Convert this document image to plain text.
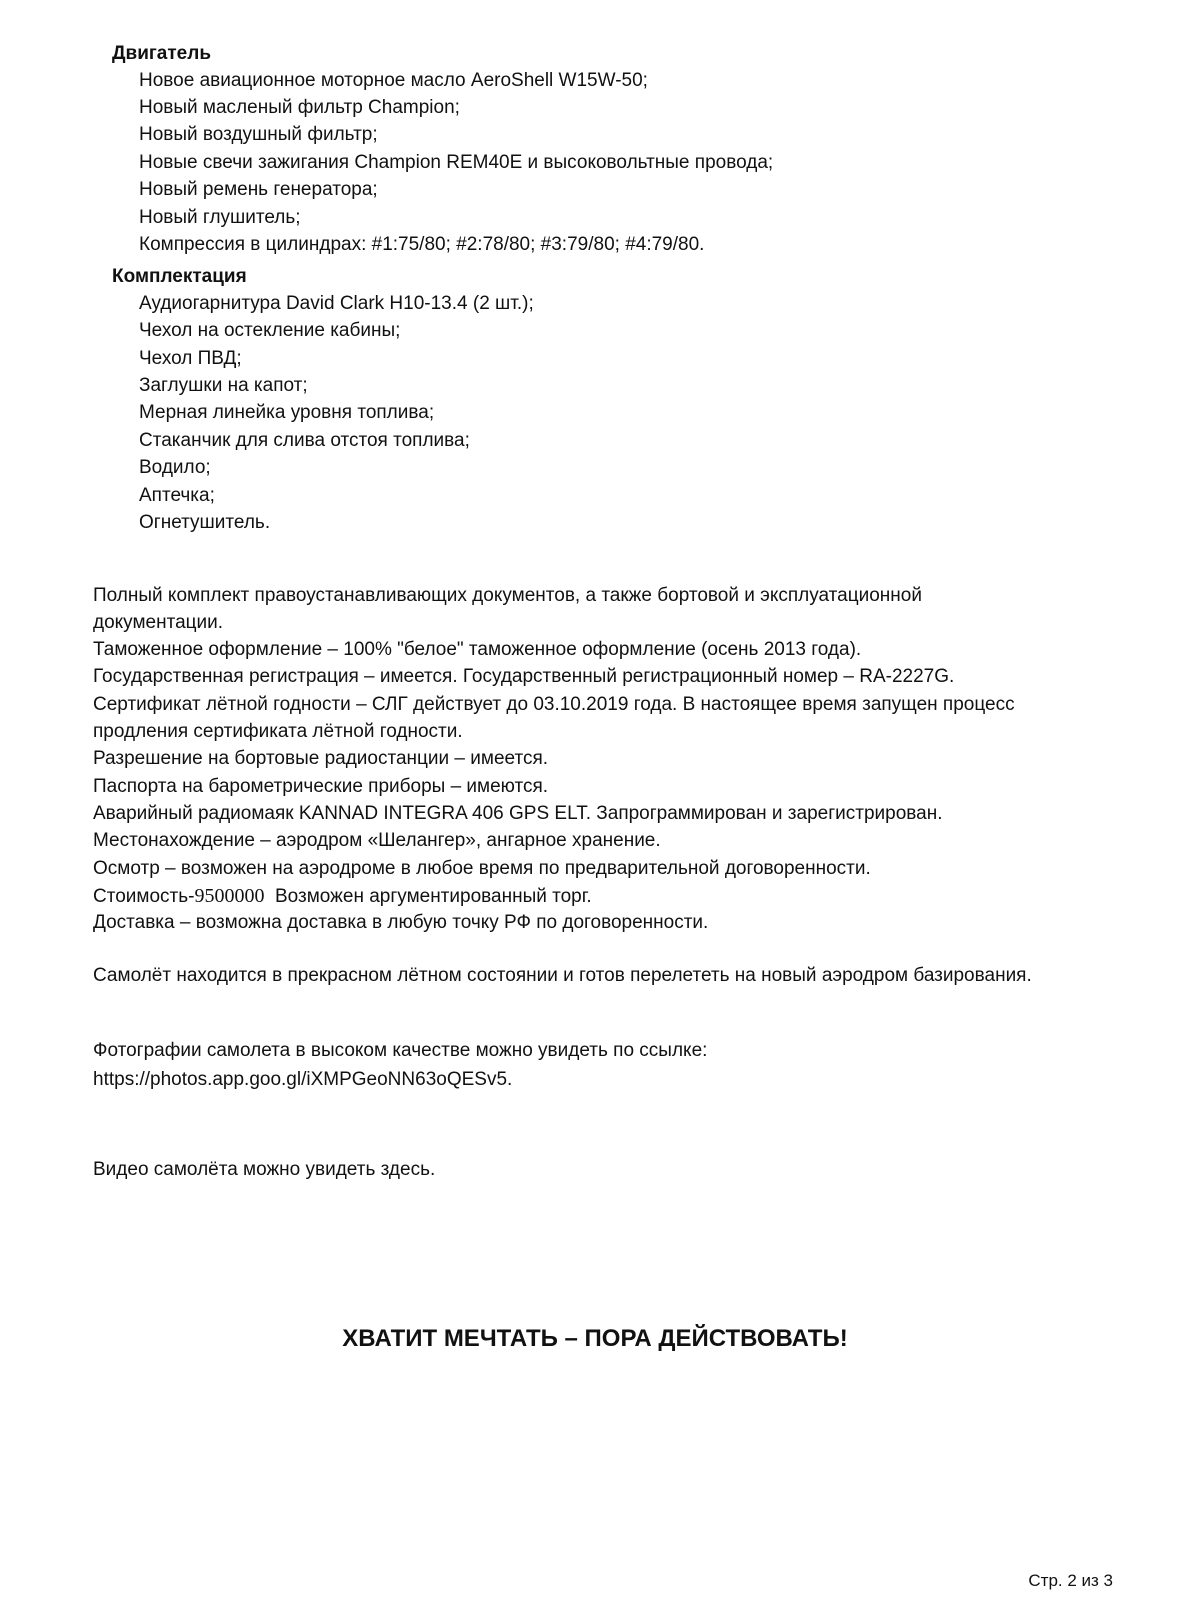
Двигатель
Новое авиационное моторное масло AeroShell W15W-50;
Новый масленый фильтр Champion;
Новый воздушный фильтр;
Новые свечи зажигания Champion REM40E и высоковольтные провода;
Новый ремень генератора;
Новый глушитель;
Компрессия в цилиндрах: #1:75/80; #2:78/80; #3:79/80; #4:79/80.
Комплектация
Аудиогарнитура David Clark H10-13.4 (2 шт.);
Чехол на остекление кабины;
Чехол ПВД;
Заглушки на капот;
Мерная линейка уровня топлива;
Стаканчик для слива отстоя топлива;
Водило;
Аптечка;
Огнетушитель.
Полный комплект правоустанавливающих документов, а также бортовой и эксплуатационной
документации.
Таможенное оформление – 100% "белое" таможенное оформление (осень 2013 года).
Государственная регистрация – имеется. Государственный регистрационный номер – RA-2227G.
Сертификат лётной годности – СЛГ действует до 03.10.2019 года. В настоящее время запущен процесс
продления сертификата лётной годности.
Разрешение на бортовые радиостанции – имеется.
Паспорта на барометрические приборы – имеются.
Аварийный радиомаяк KANNAD INTEGRA 406 GPS ELT. Запрограммирован и зарегистрирован.
Местонахождение – аэродром «Шелангер», ангарное хранение.
Осмотр – возможен на аэродроме в любое время по предварительной договоренности.
Стоимость-9500000  Возможен аргументированный торг.
Доставка – возможна доставка в любую точку РФ по договоренности.
Самолёт находится в прекрасном лётном состоянии и готов перелететь на новый аэродром базирования.
Фотографии самолета в высоком качестве можно увидеть по ссылке:
https://photos.app.goo.gl/iXMPGeoNN63oQESv5.
Видео самолёта можно увидеть здесь.
ХВАТИТ МЕЧТАТЬ – ПОРА ДЕЙСТВОВАТЬ!
Стр. 2 из 3
